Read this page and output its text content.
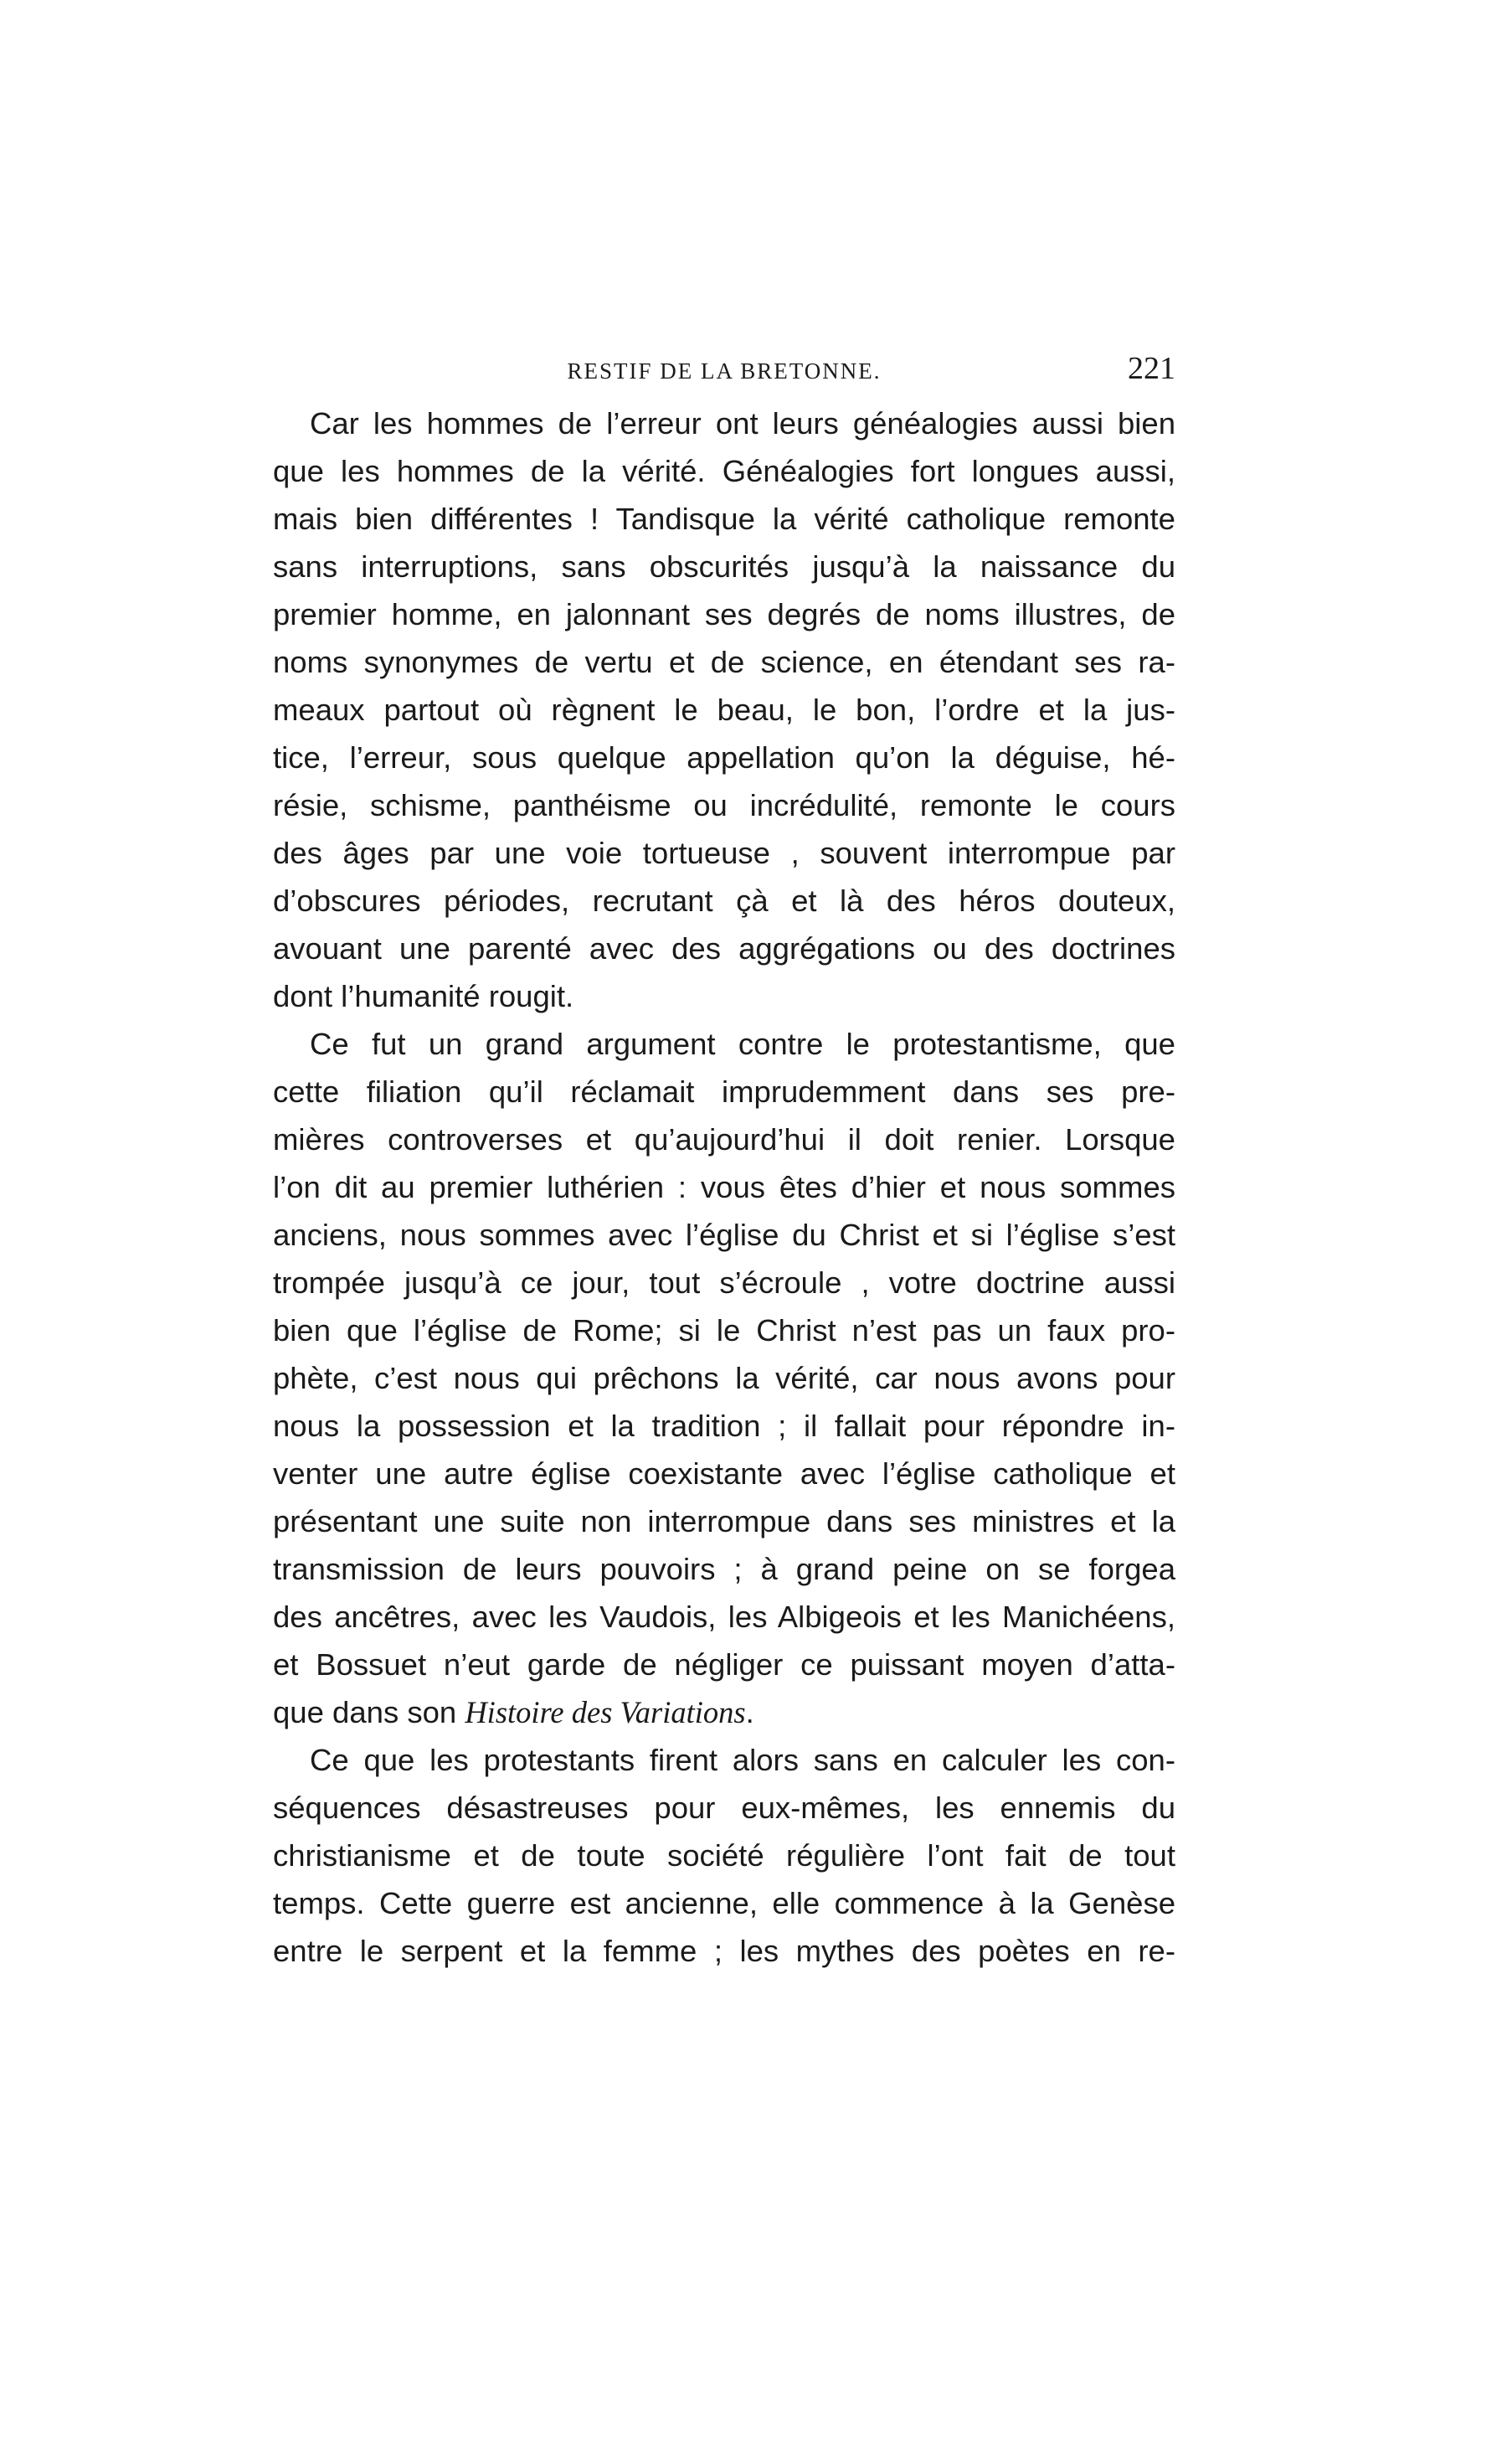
RESTIF DE LA BRETONNE.	221
Car les hommes de l’erreur ont leurs généalogies aussi bien
que les hommes de la vérité. Généalogies fort longues aussi,
mais bien différentes ! Tandisque la vérité catholique remonte
sans interruptions, sans obscurités jusqu’à la naissance du
premier homme, en jalonnant ses degrés de noms illustres, de
noms synonymes de vertu et de science, en étendant ses ra-
meaux partout où règnent le beau, le bon, l’ordre et la jus-
tice, l’erreur, sous quelque appellation qu’on la déguise, hé-
résie, schisme, panthéisme ou incrédulité, remonte le cours
des âges par une voie tortueuse , souvent interrompue par
d’obscures périodes, recrutant çà et là des héros douteux,
avouant une parenté avec des aggrégations ou des doctrines
dont l’humanité rougit.
Ce fut un grand argument contre le protestantisme, que
cette filiation qu’il réclamait imprudemment dans ses pre-
mières controverses et qu’aujourd’hui il doit renier. Lorsque
l’on dit au premier luthérien : vous êtes d’hier et nous sommes
anciens, nous sommes avec l’église du Christ et si l’église s’est
trompée jusqu’à ce jour, tout s’écroule , votre doctrine aussi
bien que l’église de Rome; si le Christ n’est pas un faux pro-
phète, c’est nous qui prêchons la vérité, car nous avons pour
nous la possession et la tradition ; il fallait pour répondre in-
venter une autre église coexistante avec l’église catholique et
présentant une suite non interrompue dans ses ministres et la
transmission de leurs pouvoirs ; à grand peine on se forgea
des ancêtres, avec les Vaudois, les Albigeois et les Manichéens,
et Bossuet n’eut garde de négliger ce puissant moyen d’atta-
que dans son Histoire des Variations.
Ce que les protestants firent alors sans en calculer les con-
séquences désastreuses pour eux-mêmes, les ennemis du
christianisme et de toute société régulière l’ont fait de tout
temps. Cette guerre est ancienne, elle commence à la Genèse
entre le serpent et la femme ; les mythes des poètes en re-
